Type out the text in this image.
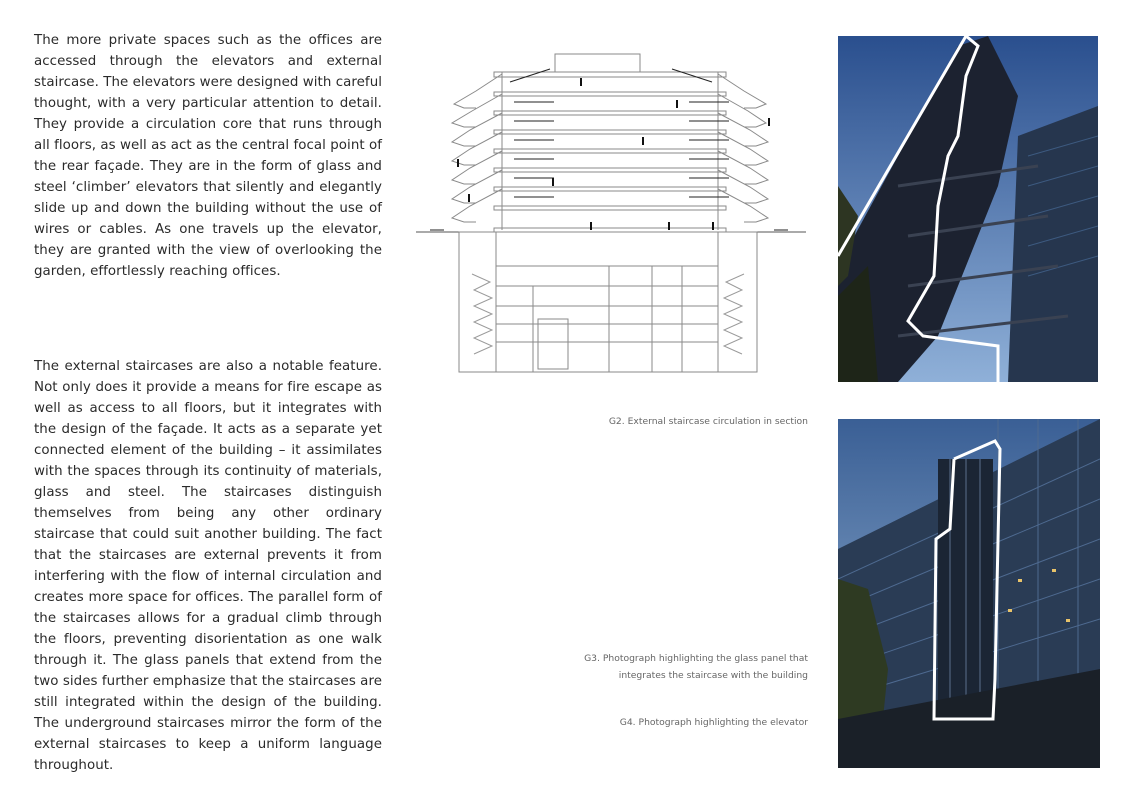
The more private spaces such as the offices are accessed through the elevators and external staircase. The elevators were designed with careful thought, with a very particular attention to detail. They provide a circulation core that runs through all floors, as well as act as the central focal point of the rear façade. They are in the form of glass and steel ‘climber’ elevators that silently and elegantly slide up and down the building without the use of wires or cables. As one travels up the elevator, they are granted with the view of overlooking the garden, effortlessly reaching offices.

The external staircases are also a notable feature. Not only does it provide a means for fire escape as well as access to all floors, but it integrates with the design of the façade. It acts as a separate yet connected element of the building – it assimilates with the spaces through its continuity of materials, glass and steel. The staircases distinguish themselves from being any other ordinary staircase that could suit another building. The fact that the staircases are external prevents it from interfering with the flow of internal circulation and creates more space for offices. The parallel form of the staircases allows for a gradual climb through the floors, preventing disorientation as one walk through it. The glass panels that extend from the two sides further emphasize that the staircases are still integrated within the design of the building. The underground staircases mirror the form of the external staircases to keep a uniform language throughout.

G2. External staircase circulation in section

G3. Photograph highlighting the glass panel that
integrates the staircase with the building

G4. Photograph highlighting the elevator
